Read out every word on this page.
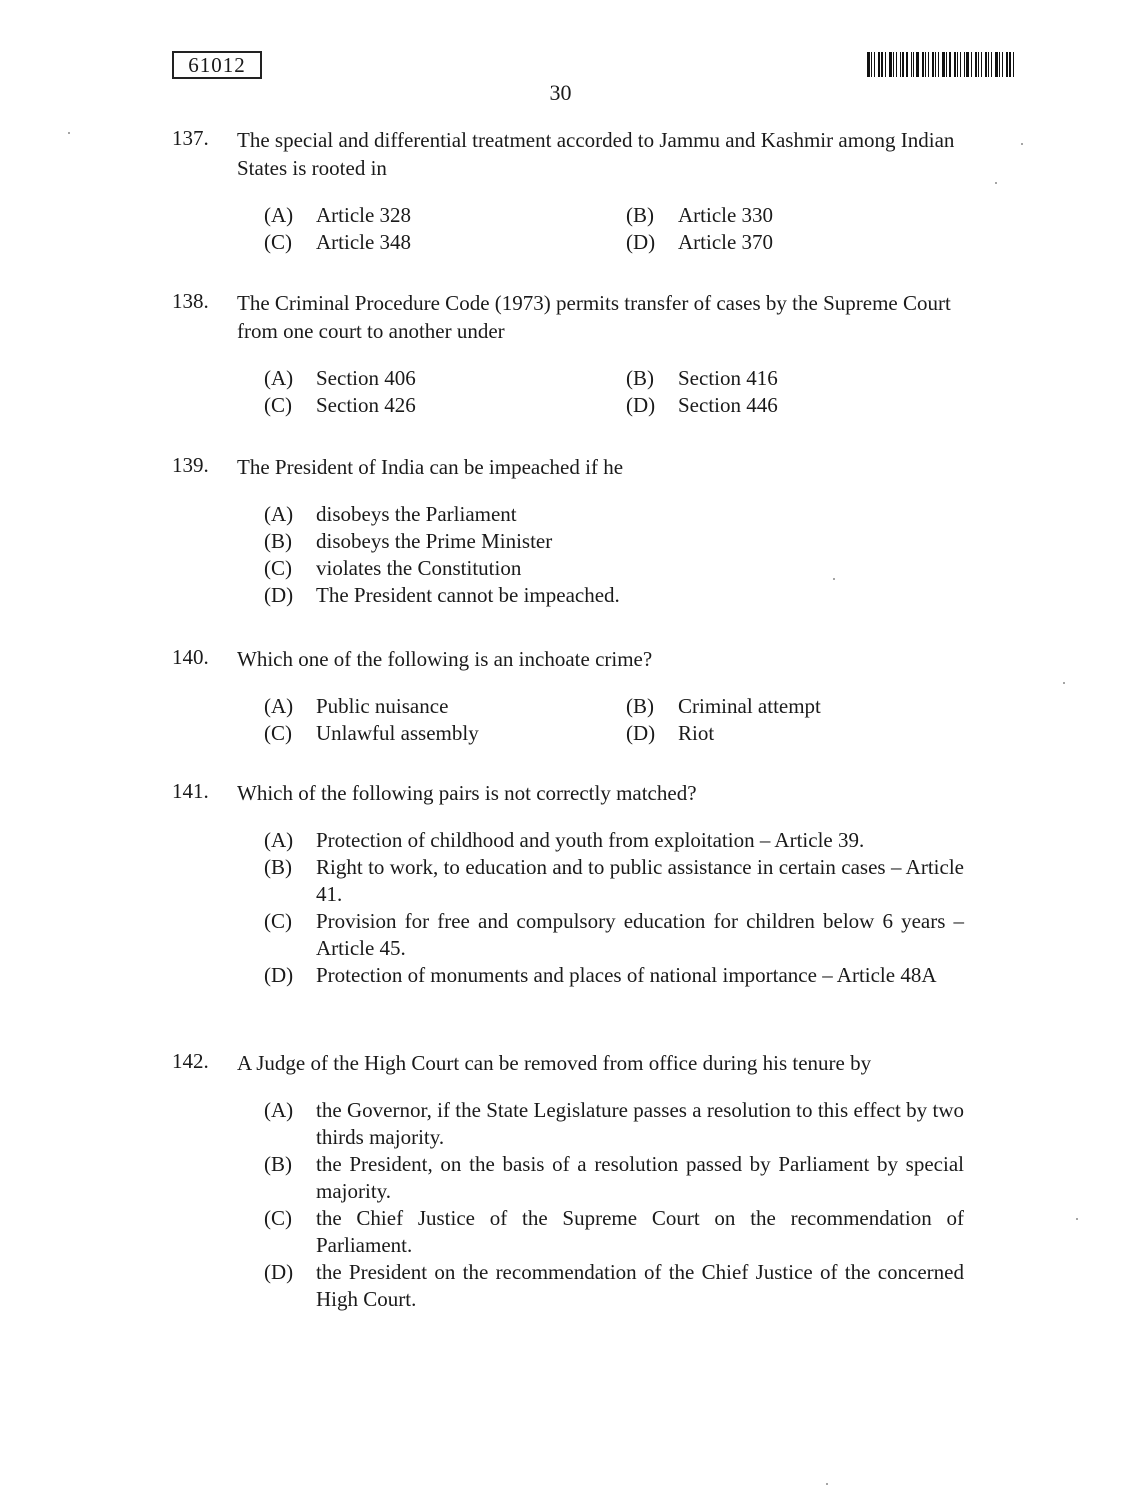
61012
30
137.	The special and differential treatment accorded to Jammu and Kashmir among Indian States is rooted in
(A)	Article 328	(B)	Article 330
(C)	Article 348	(D)	Article 370
138.	The Criminal Procedure Code (1973) permits transfer of cases by the Supreme Court from one court to another under
(A)	Section 406	(B)	Section 416
(C)	Section 426	(D)	Section 446
139.	The President of India can be impeached if he
(A)	disobeys the Parliament
(B)	disobeys the Prime Minister
(C)	violates the Constitution
(D)	The President cannot be impeached.
140.	Which one of the following is an inchoate crime?
(A)	Public nuisance	(B)	Criminal attempt
(C)	Unlawful assembly	(D)	Riot
141.	Which of the following pairs is not correctly matched?
(A)	Protection of childhood and youth from exploitation – Article 39.
(B)	Right to work, to education and to public assistance in certain cases – Article 41.
(C)	Provision for free and compulsory education for children below 6 years – Article 45.
(D)	Protection of monuments and places of national importance – Article 48A
142.	A Judge of the High Court can be removed from office during his tenure by
(A)	the Governor, if the State Legislature passes a resolution to this effect by two thirds majority.
(B)	the President, on the basis of a resolution passed by Parliament by special majority.
(C)	the Chief Justice of the Supreme Court on the recommendation of Parliament.
(D)	the President on the recommendation of the Chief Justice of the concerned High Court.
